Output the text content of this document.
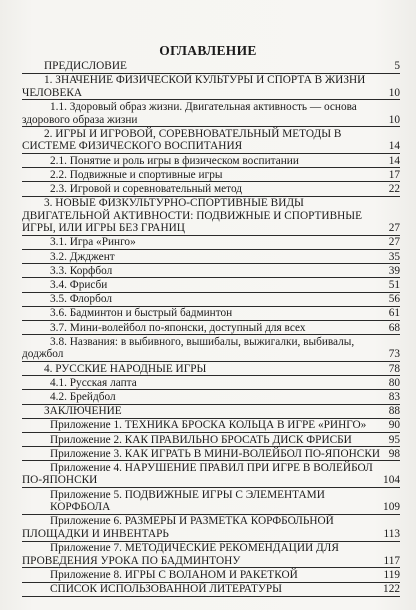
ОГЛАВЛЕНИЕ
ПРЕДИСЛОВИЕ	5
1. ЗНАЧЕНИЕ ФИЗИЧЕСКОЙ КУЛЬТУРЫ И СПОРТА В ЖИЗНИ ЧЕЛОВЕКА	10
1.1. Здоровый образ жизни. Двигательная активность — основа здорового образа жизни	10
2. ИГРЫ И ИГРОВОЙ, СОРЕВНОВАТЕЛЬНЫЙ МЕТОДЫ В СИСТЕМЕ ФИЗИЧЕСКОГО ВОСПИТАНИЯ	14
2.1. Понятие и роль игры в физическом воспитании	14
2.2. Подвижные и спортивные игры	17
2.3. Игровой и соревновательный метод	22
3. НОВЫЕ ФИЗКУЛЬТУРНО-СПОРТИВНЫЕ ВИДЫ ДВИГАТЕЛЬНОЙ АКТИВНОСТИ: ПОДВИЖНЫЕ И СПОРТИВНЫЕ ИГРЫ, ИЛИ ИГРЫ БЕЗ ГРАНИЦ	27
3.1. Игра «Ринго»	27
3.2. Джджент	35
3.3. Корфбол	39
3.4. Фрисби	51
3.5. Флорбол	56
3.6. Бадминтон и быстрый бадминтон	61
3.7. Мини-волейбол по-японски, доступный для всех	68
3.8. Названия: в выбивного, вышибалы, выжигалки, выбивалы, доджбол	73
4. РУССКИЕ НАРОДНЫЕ ИГРЫ	78
4.1. Русская лапта	80
4.2. Брейдбол	83
ЗАКЛЮЧЕНИЕ	88
Приложение 1. ТЕХНИКА БРОСКА КОЛЬЦА В ИГРЕ «РИНГО»	90
Приложение 2. КАК ПРАВИЛЬНО БРОСАТЬ ДИСК ФРИСБИ	95
Приложение 3. КАК ИГРАТЬ В МИНИ-ВОЛЕЙБОЛ ПО-ЯПОНСКИ 98
Приложение 4. НАРУШЕНИЕ ПРАВИЛ ПРИ ИГРЕ В ВОЛЕЙБОЛ ПО-ЯПОНСКИ	104
Приложение 5. ПОДВИЖНЫЕ ИГРЫ С ЭЛЕМЕНТАМИ КОРФБОЛА	109
Приложение 6. РАЗМЕРЫ И РАЗМЕТКА КОРФБОЛЬНОЙ ПЛОЩАДКИ И ИНВЕНТАРЬ	113
Приложение 7. МЕТОДИЧЕСКИЕ РЕКОМЕНДАЦИИ ДЛЯ ПРОВЕДЕНИЯ УРОКА ПО БАДМИНТОНУ	117
Приложение 8. ИГРЫ С ВОЛАНОМ И РАКЕТКОЙ	119
СПИСОК ИСПОЛЬЗОВАННОЙ ЛИТЕРАТУРЫ	122
